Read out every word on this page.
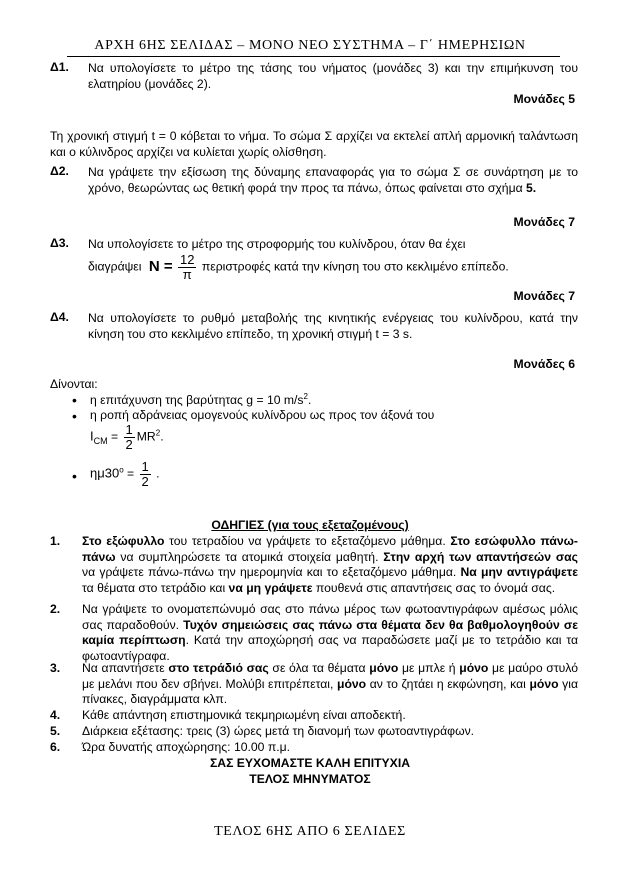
ΑΡΧΗ 6ΗΣ ΣΕΛΙΔΑΣ – ΜΟΝΟ ΝΕΟ ΣΥΣΤΗΜΑ – Γ΄ ΗΜΕΡΗΣΙΩΝ
Δ1. Να υπολογίσετε το μέτρο της τάσης του νήματος (μονάδες 3) και την επιμήκυνση του ελατηρίου (μονάδες 2).
Μονάδες 5
Τη χρονική στιγμή t = 0 κόβεται το νήμα. Το σώμα Σ αρχίζει να εκτελεί απλή αρμονική ταλάντωση και ο κύλινδρος αρχίζει να κυλίεται χωρίς ολίσθηση.
Δ2. Να γράψετε την εξίσωση της δύναμης επαναφοράς για το σώμα Σ σε συνάρτηση με το χρόνο, θεωρώντας ως θετική φορά την προς τα πάνω, όπως φαίνεται στο σχήμα 5.
Μονάδες 7
Δ3. Να υπολογίσετε το μέτρο της στροφορμής του κυλίνδρου, όταν θα έχει
διαγράψει $N = \frac{12}{\pi}$ περιστροφές κατά την κίνηση του στο κεκλιμένο επίπεδο.
Μονάδες 7
Δ4. Να υπολογίσετε το ρυθμό μεταβολής της κινητικής ενέργειας του κυλίνδρου, κατά την κίνηση του στο κεκλιμένο επίπεδο, τη χρονική στιγμή t = 3 s.
Μονάδες 6
Δίνονται:
• η επιτάχυνση της βαρύτητας g = 10 $m/s^2$.
• η ροπή αδράνειας ομογενούς κυλίνδρου ως προς τον άξονά του
$I_{CM} = \frac{1}{2} MR^2$.
• $\eta\mu 30^o = \frac{1}{2}$ .
ΟΔΗΓΙΕΣ (για τους εξεταζομένους)
1. Στο εξώφυλλο του τετραδίου να γράψετε το εξεταζόμενο μάθημα. Στο εσώφυλλο πάνω-πάνω να συμπληρώσετε τα ατομικά στοιχεία μαθητή. Στην αρχή των απαντήσεών σας να γράψετε πάνω-πάνω την ημερομηνία και το εξεταζόμενο μάθημα. Να μην αντιγράψετε τα θέματα στο τετράδιο και να μη γράψετε πουθενά στις απαντήσεις σας το όνομά σας.
2. Να γράψετε το ονοματεπώνυμό σας στο πάνω μέρος των φωτοαντιγράφων αμέσως μόλις σας παραδοθούν. Τυχόν σημειώσεις σας πάνω στα θέματα δεν θα βαθμολογηθούν σε καμία περίπτωση. Κατά την αποχώρησή σας να παραδώσετε μαζί με το τετράδιο και τα φωτοαντίγραφα.
3. Να απαντήσετε στο τετράδιό σας σε όλα τα θέματα μόνο με μπλε ή μόνο με μαύρο στυλό με μελάνι που δεν σβήνει. Μολύβι επιτρέπεται, μόνο αν το ζητάει η εκφώνηση, και μόνο για πίνακες, διαγράμματα κλπ.
4. Κάθε απάντηση επιστημονικά τεκμηριωμένη είναι αποδεκτή.
5. Διάρκεια εξέτασης: τρεις (3) ώρες μετά τη διανομή των φωτοαντιγράφων.
6. Ώρα δυνατής αποχώρησης: 10.00 π.μ.
ΣΑΣ ΕΥΧΟΜΑΣΤΕ ΚΑΛΗ ΕΠΙΤΥΧΙΑ
ΤΕΛΟΣ ΜΗΝΥΜΑΤΟΣ
ΤΕΛΟΣ 6ΗΣ ΑΠΟ 6 ΣΕΛΙΔΕΣ
